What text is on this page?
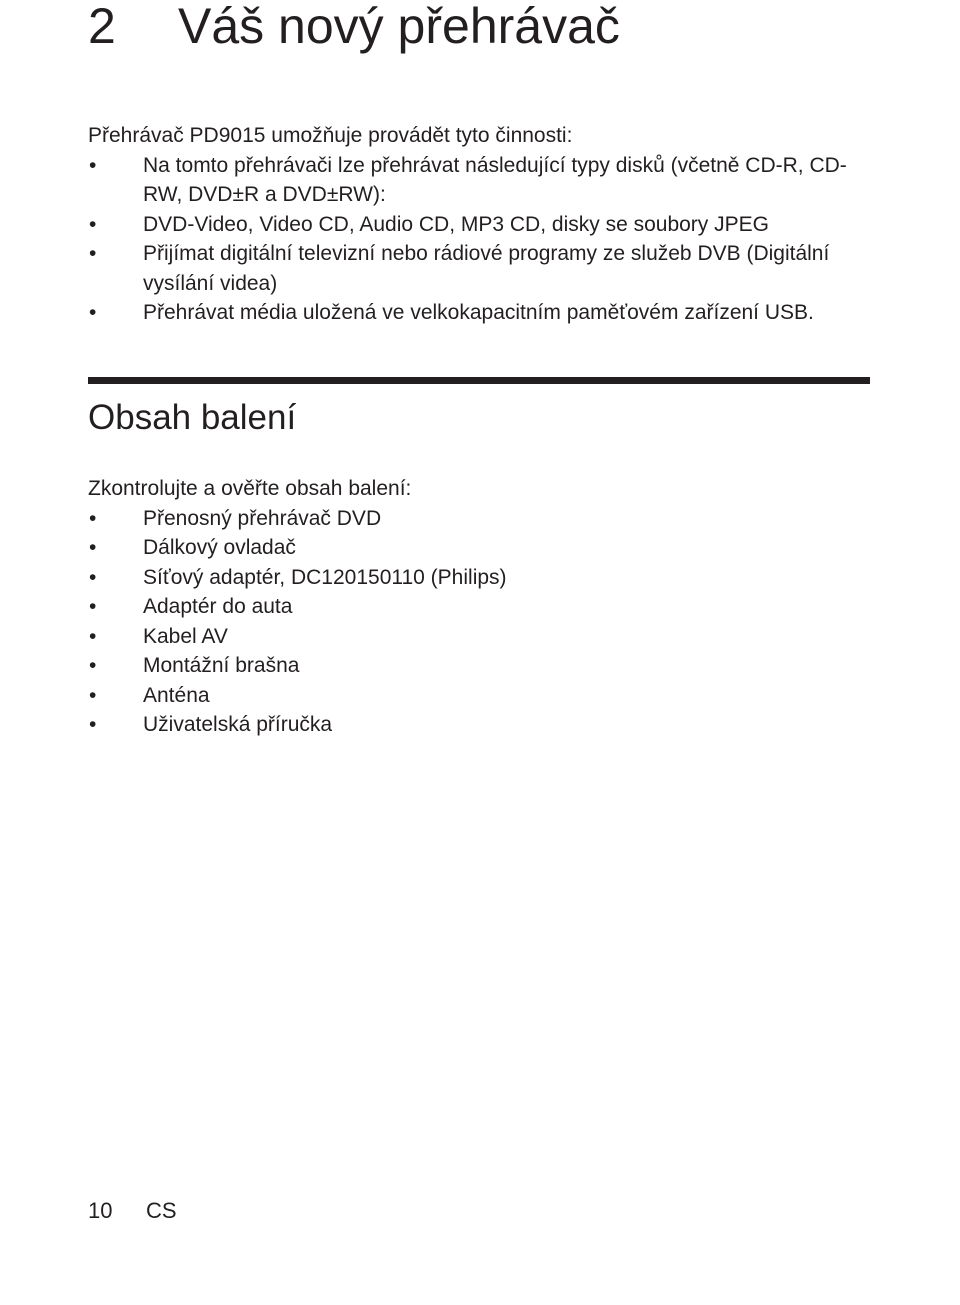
2 Váš nový přehrávač

Přehrávač PD9015 umožňuje provádět tyto činnosti:

• Na tomto přehrávači lze přehrávat následující typy disků (včetně CD-R, CD-RW, DVD±R a DVD±RW):
• DVD-Video, Video CD, Audio CD, MP3 CD, disky se soubory JPEG
• Přijímat digitální televizní nebo rádiové programy ze služeb DVB (Digitální vysílání videa)
• Přehrávat média uložená ve velkokapacitním paměťovém zařízení USB.
Obsah balení

Zkontrolujte a ověřte obsah balení:

• Přenosný přehrávač DVD
• Dálkový ovladač
• Síťový adaptér, DC120150110 (Philips)
• Adaptér do auta
• Kabel AV
• Montážní brašna
• Anténa
• Uživatelská příručka
10 CS
